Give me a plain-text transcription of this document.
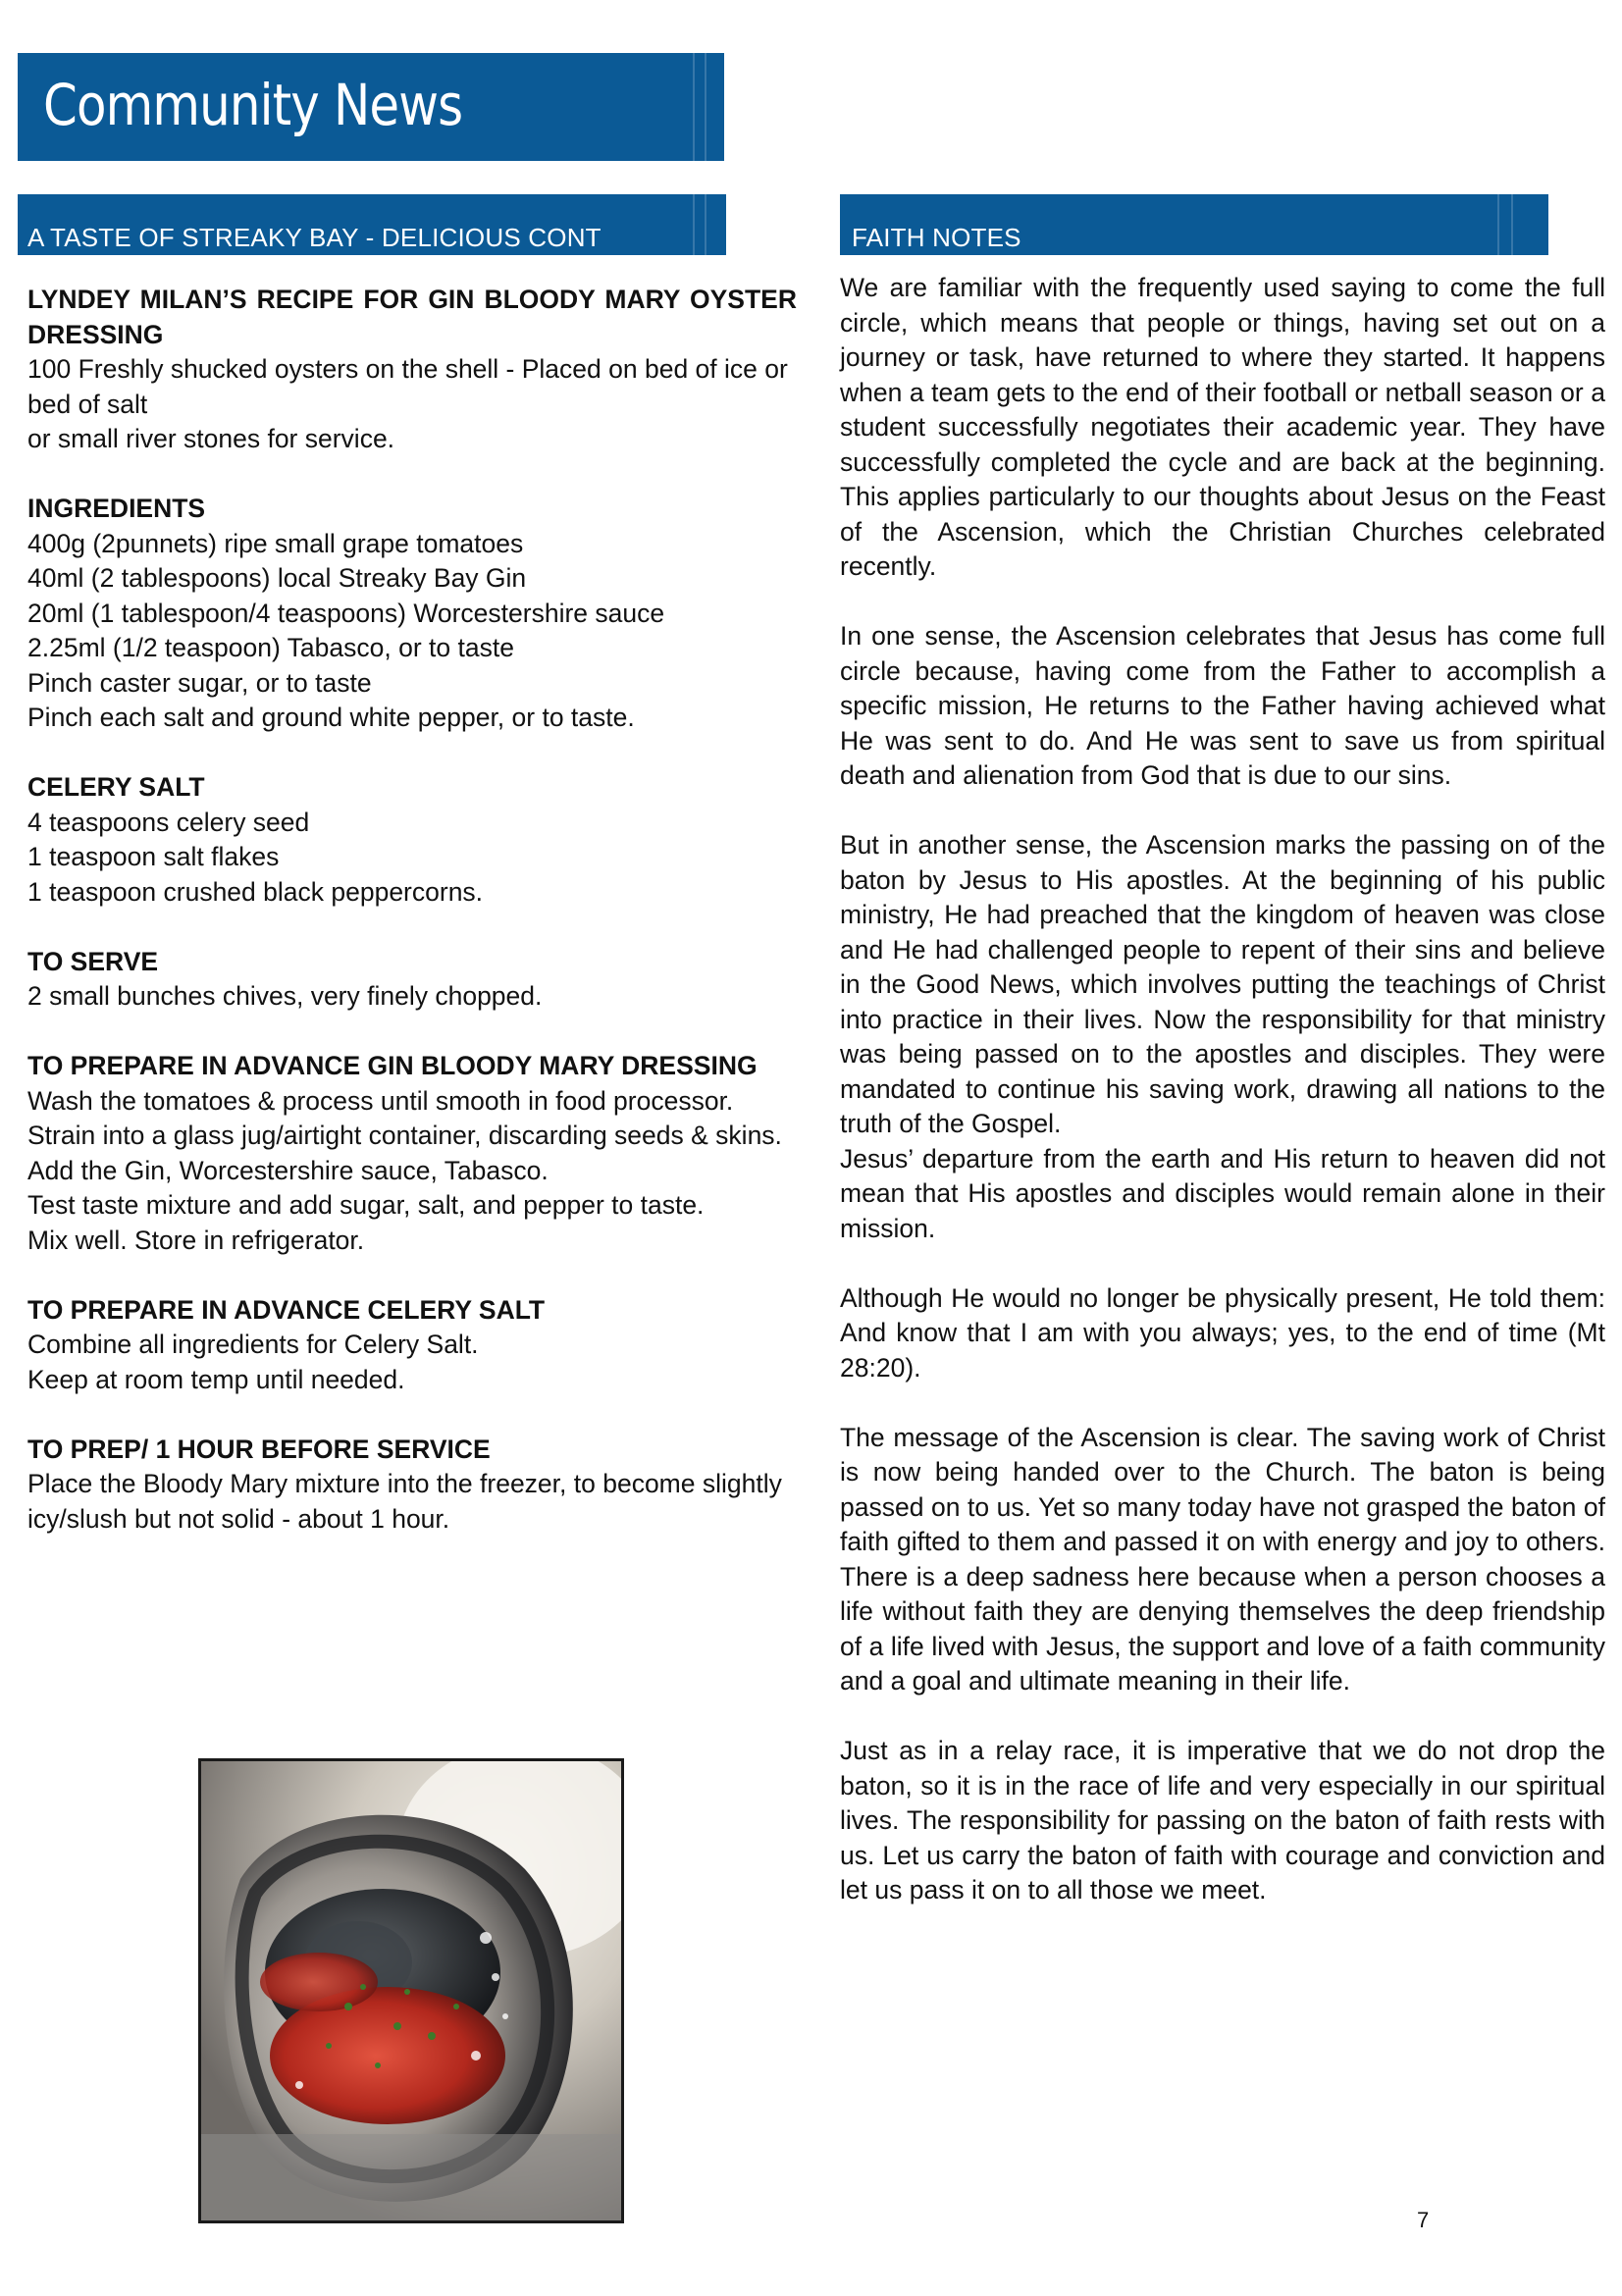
Community News
A TASTE OF STREAKY BAY - DELICIOUS CONT	FAITH NOTES

LYNDEY MILAN’S RECIPE FOR GIN BLOODY MARY OYSTER DRESSING

100 Freshly shucked oysters on the shell - Placed on bed of ice or bed of salt

or small river stones for service.

INGREDIENTS

400g (2punnets) ripe small grape tomatoes

40ml (2 tablespoons) local Streaky Bay Gin

20ml (1 tablespoon/4 teaspoons) Worcestershire sauce

2.25ml (1/2 teaspoon) Tabasco, or to taste

Pinch caster sugar, or to taste

Pinch each salt and ground white pepper, or to taste.

CELERY SALT

4 teaspoons celery seed

1 teaspoon salt flakes

1 teaspoon crushed black peppercorns.

TO SERVE

2 small bunches chives, very finely chopped.

TO PREPARE IN ADVANCE GIN BLOODY MARY DRESSING

Wash the tomatoes & process until smooth in food processor.

Strain into a glass jug/airtight container, discarding seeds & skins.

Add the Gin, Worcestershire sauce, Tabasco.

Test taste mixture and add sugar, salt, and pepper to taste.

Mix well. Store in refrigerator.

TO PREPARE IN ADVANCE CELERY SALT

Combine all ingredients for Celery Salt.

Keep at room temp until needed.

TO PREP/ 1 HOUR BEFORE SERVICE

Place the Bloody Mary mixture into the freezer, to become slightly icy/slush but not solid - about 1 hour.

We are familiar with the frequently used saying to come the full circle, which means that people or things, having set out on a journey or task, have returned to where they started. It happens when a team gets to the end of their football or netball season or a student successfully negotiates their academic year. They have successfully completed the cycle and are back at the beginning. This applies particularly to our thoughts about Jesus on the Feast of the Ascension, which the Christian Churches celebrated recently.

In one sense, the Ascension celebrates that Jesus has come full circle because, having come from the Father to accomplish a specific mission, He returns to the Father having achieved what He was sent to do. And He was sent to save us from spiritual death and alienation from God that is due to our sins.

But in another sense, the Ascension marks the passing on of the baton by Jesus to His apostles. At the beginning of his public ministry, He had preached that the kingdom of heaven was close and He had challenged people to repent of their sins and believe in the Good News, which involves putting the teachings of Christ into practice in their lives. Now the responsibility for that ministry was being passed on to the apostles and disciples. They were mandated to continue his saving work, drawing all nations to the truth of the Gospel.

Jesus’ departure from the earth and His return to heaven did not mean that His apostles and disciples would remain alone in their mission.

Although He would no longer be physically present, He told them: And know that I am with you always; yes, to the end of time (Mt 28:20).

The message of the Ascension is clear. The saving work of Christ is now being handed over to the Church. The baton is being passed on to us. Yet so many today have not grasped the baton of faith gifted to them and passed it on with energy and joy to others. There is a deep sadness here because when a person chooses a life without faith they are denying themselves the deep friendship of a life lived with Jesus, the support and love of a faith community and a goal and ultimate meaning in their life.

Just as in a relay race, it is imperative that we do not drop the baton, so it is in the race of life and very especially in our spiritual lives. The responsibility for passing on the baton of faith rests with us. Let us carry the baton of faith with courage and conviction and let us pass it on to all those we meet.

7
